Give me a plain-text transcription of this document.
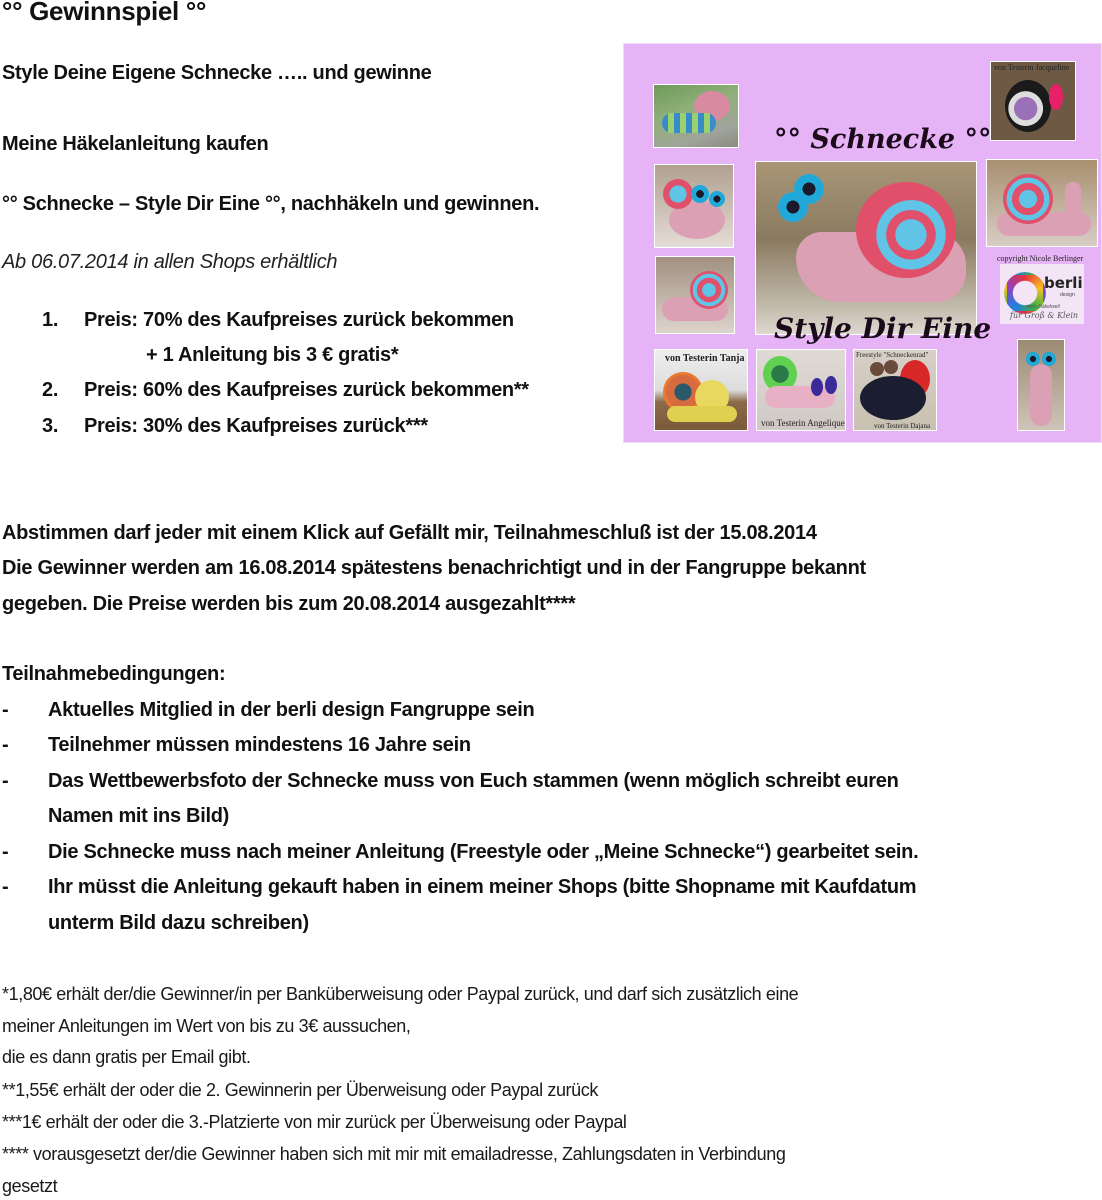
°° Gewinnspiel °°
Style Deine Eigene Schnecke ….. und gewinne
Meine Häkelanleitung kaufen
°° Schnecke – Style Dir Eine °°, nachhäkeln und gewinnen.
Ab 06.07.2014 in allen Shops erhältlich
1. Preis: 70% des Kaufpreises zurück bekommen
+ 1 Anleitung bis 3 € gratis*
2. Preis: 60% des Kaufpreises zurück bekommen**
3. Preis: 30% des Kaufpreises zurück***
von Testerin Jacqueline
°° Schnecke °°
Style Dir Eine
copyright Nicole Berlinger
berli
design
mein Häkelwelt
für Groß & Klein
von Testerin Tanja
von Testerin Angelique
Freestyle "Schneckenrad"
von Testerin Dajana
Abstimmen darf jeder mit einem Klick auf Gefällt mir, Teilnahmeschluß ist der 15.08.2014
Die Gewinner werden am 16.08.2014 spätestens benachrichtigt und in der Fangruppe bekannt
gegeben. Die Preise werden bis zum 20.08.2014 ausgezahlt****
Teilnahmebedingungen:
- Aktuelles Mitglied in der berli design Fangruppe sein
- Teilnehmer müssen mindestens 16 Jahre sein
- Das Wettbewerbsfoto der Schnecke muss von Euch stammen (wenn möglich schreibt euren
Namen mit ins Bild)
- Die Schnecke muss nach meiner Anleitung (Freestyle oder „Meine Schnecke“) gearbeitet sein.
- Ihr müsst die Anleitung gekauft haben in einem meiner Shops (bitte Shopname mit Kaufdatum
unterm Bild dazu schreiben)
*1,80€ erhält der/die Gewinner/in per Banküberweisung oder Paypal zurück, und darf sich zusätzlich eine
meiner Anleitungen im Wert von bis zu 3€ aussuchen,
die es dann gratis per Email gibt.
**1,55€ erhält der oder die 2. Gewinnerin per Überweisung oder Paypal zurück
***1€ erhält der oder die 3.-Platzierte von mir zurück per Überweisung oder Paypal
**** vorausgesetzt der/die Gewinner haben sich mit mir mit emailadresse, Zahlungsdaten in Verbindung
gesetzt
